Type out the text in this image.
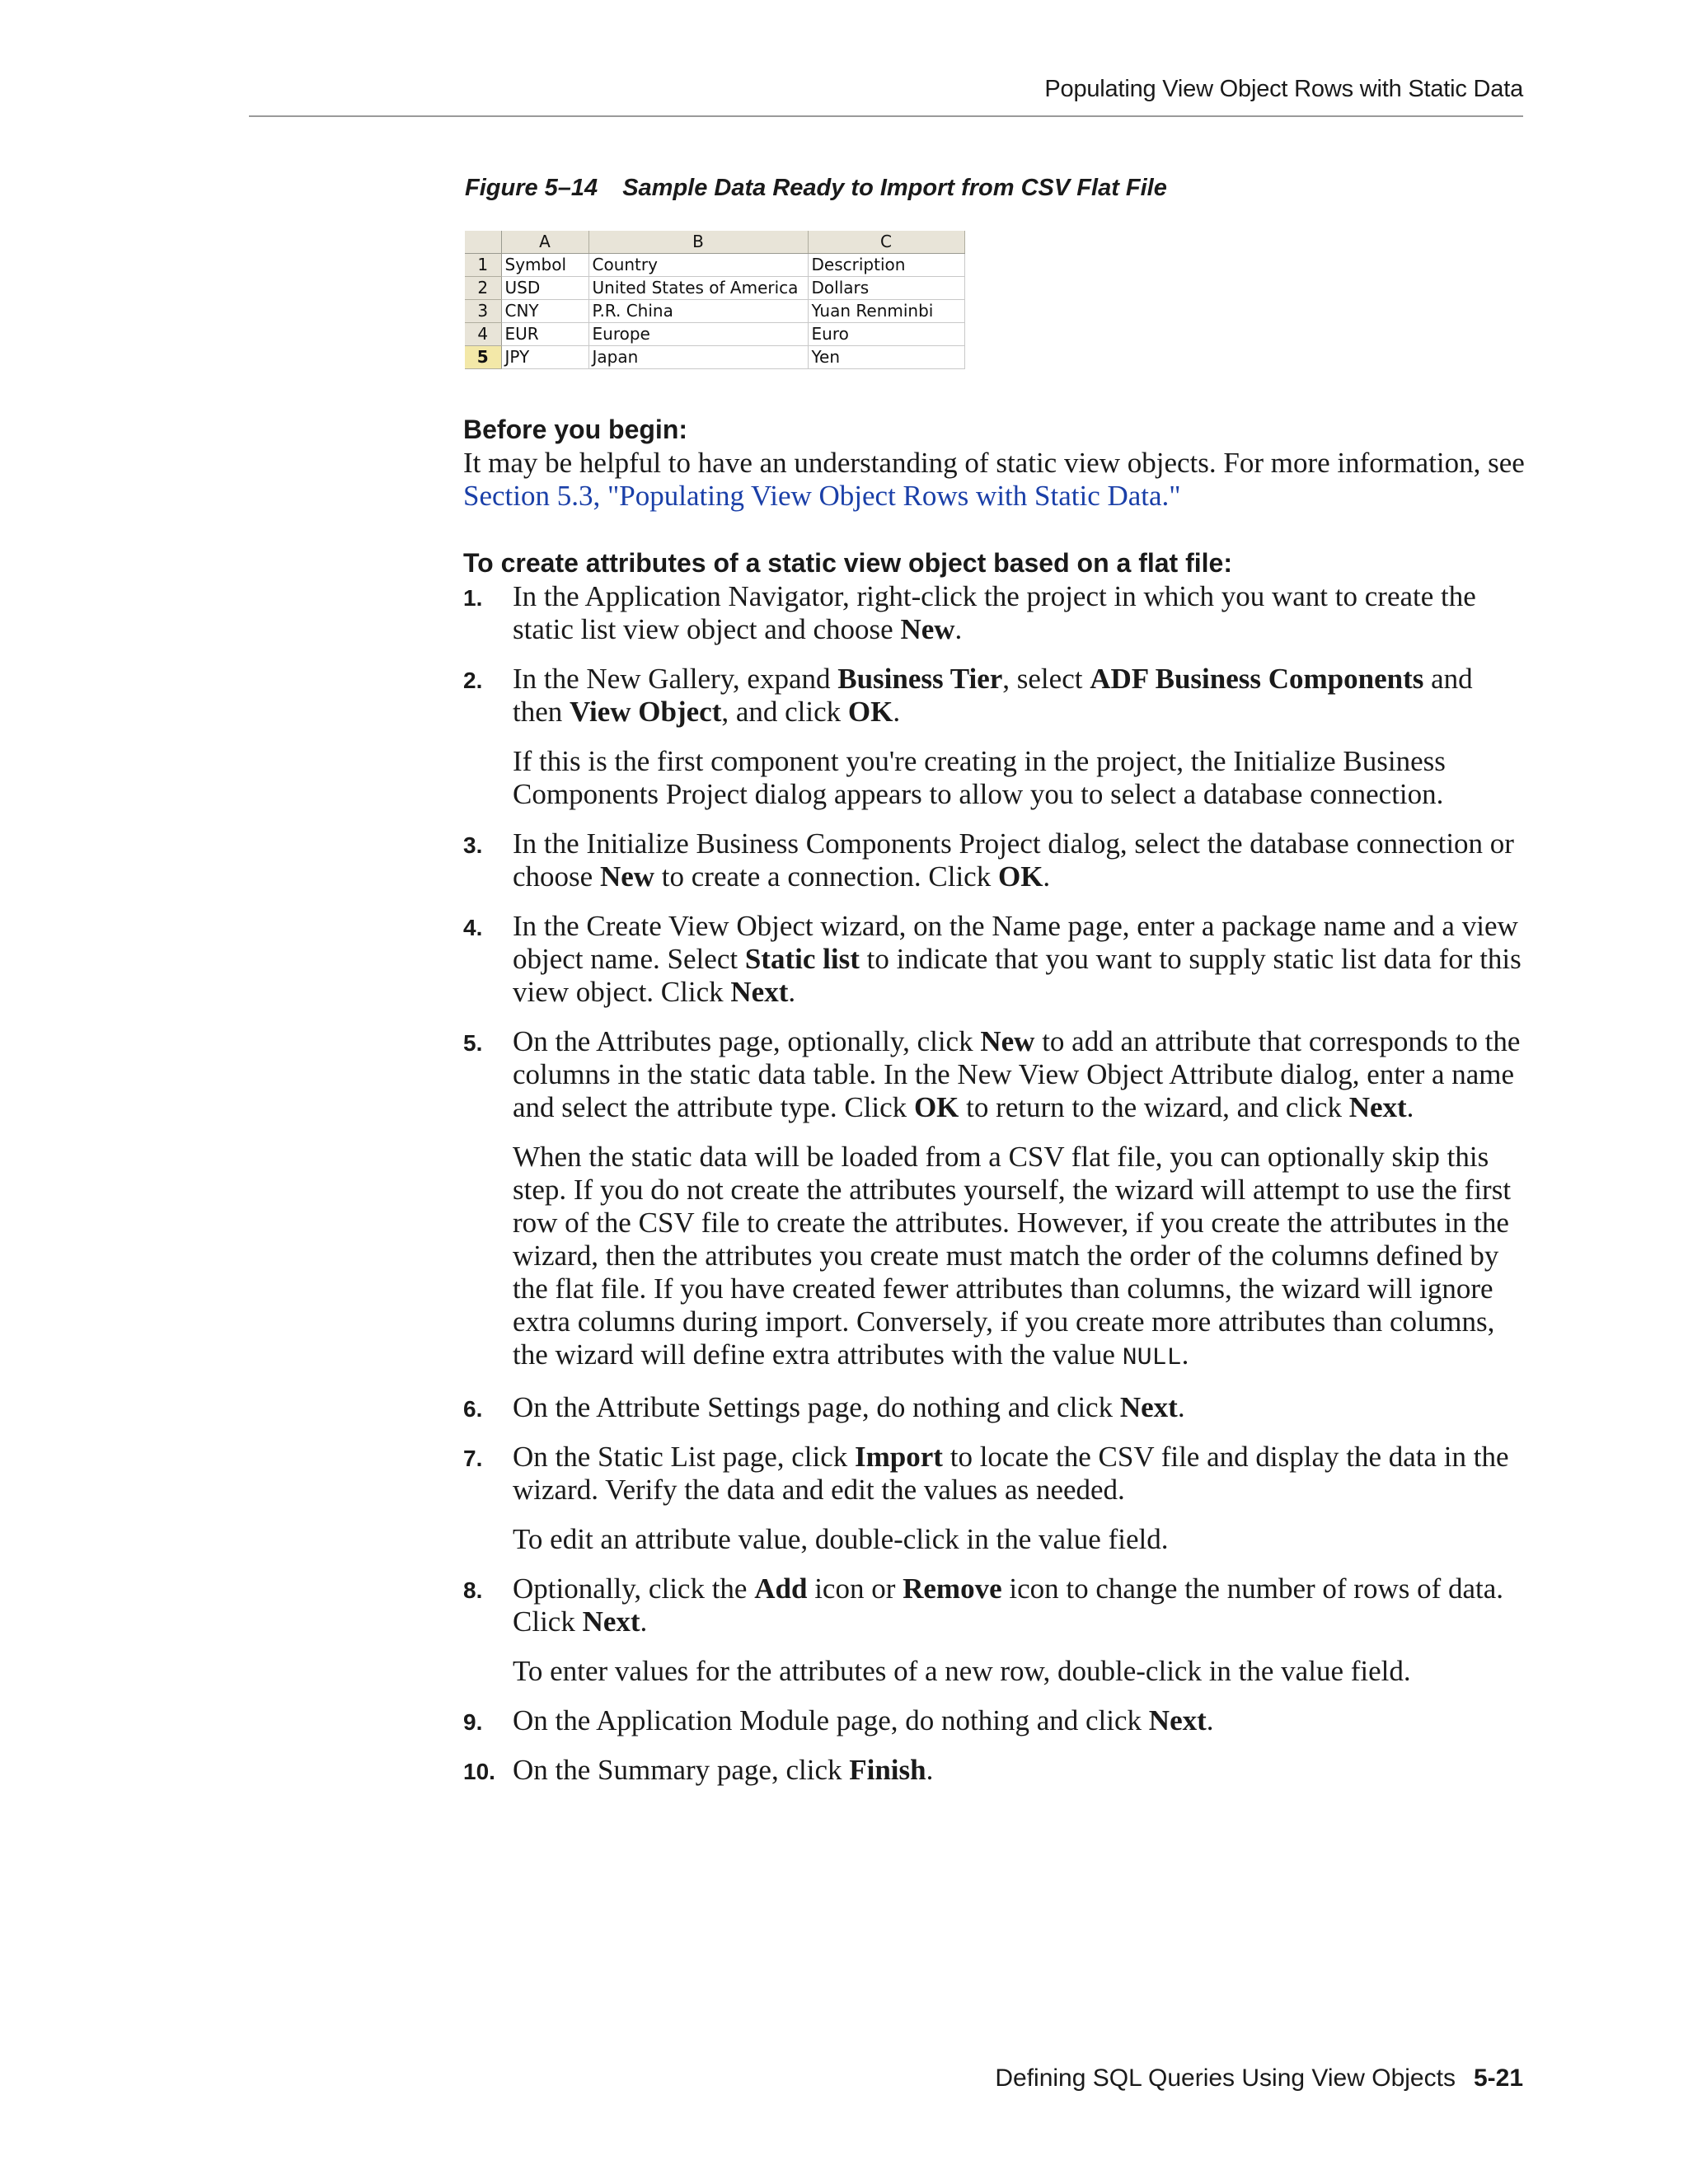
Populating View Object Rows with Static Data
Figure 5–14 Sample Data Ready to Import from CSV Flat File
	A	B	C
1	Symbol	Country	Description
2	USD	United States of America	Dollars
3	CNY	P.R. China	Yuan Renminbi
4	EUR	Europe	Euro
5	JPY	Japan	Yen
Before you begin:

It may be helpful to have an understanding of static view objects. For more information, see Section 5.3, "Populating View Object Rows with Static Data."

To create attributes of a static view object based on a flat file:
1. In the Application Navigator, right-click the project in which you want to create the static list view object and choose New.
2. In the New Gallery, expand Business Tier, select ADF Business Components and then View Object, and click OK.
If this is the first component you're creating in the project, the Initialize Business Components Project dialog appears to allow you to select a database connection.
3. In the Initialize Business Components Project dialog, select the database connection or choose New to create a connection. Click OK.
4. In the Create View Object wizard, on the Name page, enter a package name and a view object name. Select Static list to indicate that you want to supply static list data for this view object. Click Next.
5. On the Attributes page, optionally, click New to add an attribute that corresponds to the columns in the static data table. In the New View Object Attribute dialog, enter a name and select the attribute type. Click OK to return to the wizard, and click Next.
When the static data will be loaded from a CSV flat file, you can optionally skip this step. If you do not create the attributes yourself, the wizard will attempt to use the first row of the CSV file to create the attributes. However, if you create the attributes in the wizard, then the attributes you create must match the order of the columns defined by the flat file. If you have created fewer attributes than columns, the wizard will ignore extra columns during import. Conversely, if you create more attributes than columns, the wizard will define extra attributes with the value NULL.
6. On the Attribute Settings page, do nothing and click Next.
7. On the Static List page, click Import to locate the CSV file and display the data in the wizard. Verify the data and edit the values as needed.
To edit an attribute value, double-click in the value field.
8. Optionally, click the Add icon or Remove icon to change the number of rows of data. Click Next.
To enter values for the attributes of a new row, double-click in the value field.
9. On the Application Module page, do nothing and click Next.
10. On the Summary page, click Finish.
Defining SQL Queries Using View Objects 5-21
